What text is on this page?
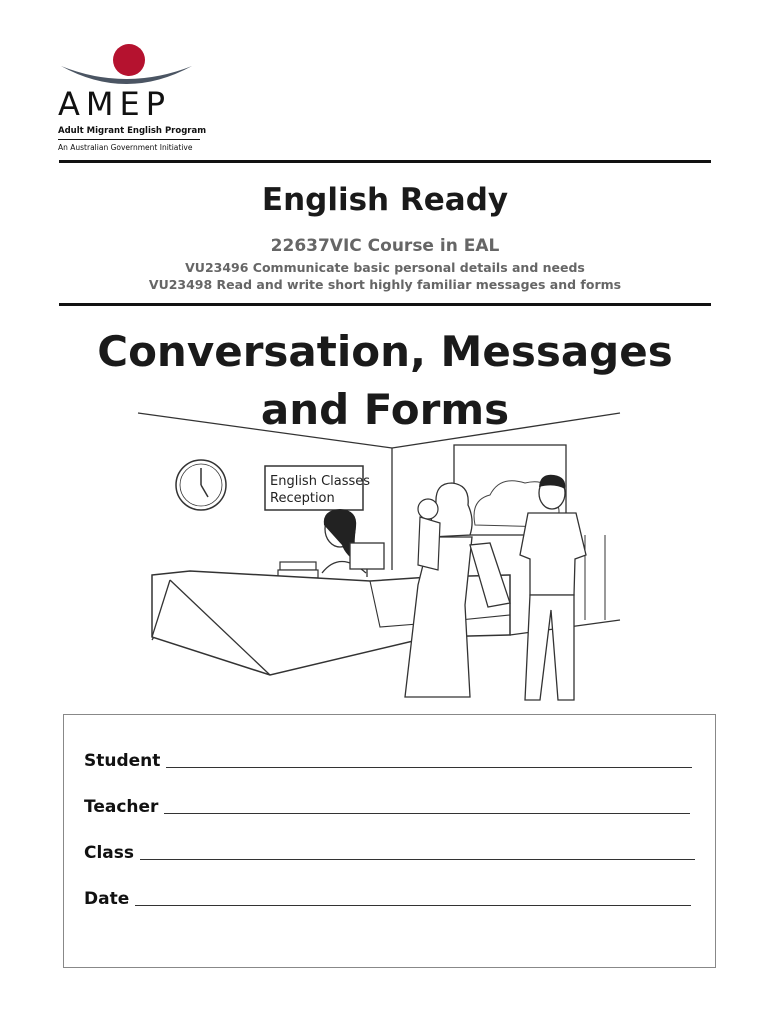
AMEP
Adult Migrant English Program
An Australian Government Initiative
English Ready
22637VIC Course in EAL
VU23496 Communicate basic personal details and needs
VU23498 Read and write short highly familiar messages and forms
Conversation, Messages
and Forms
English Classes
Reception
Student
Teacher
Class
Date
